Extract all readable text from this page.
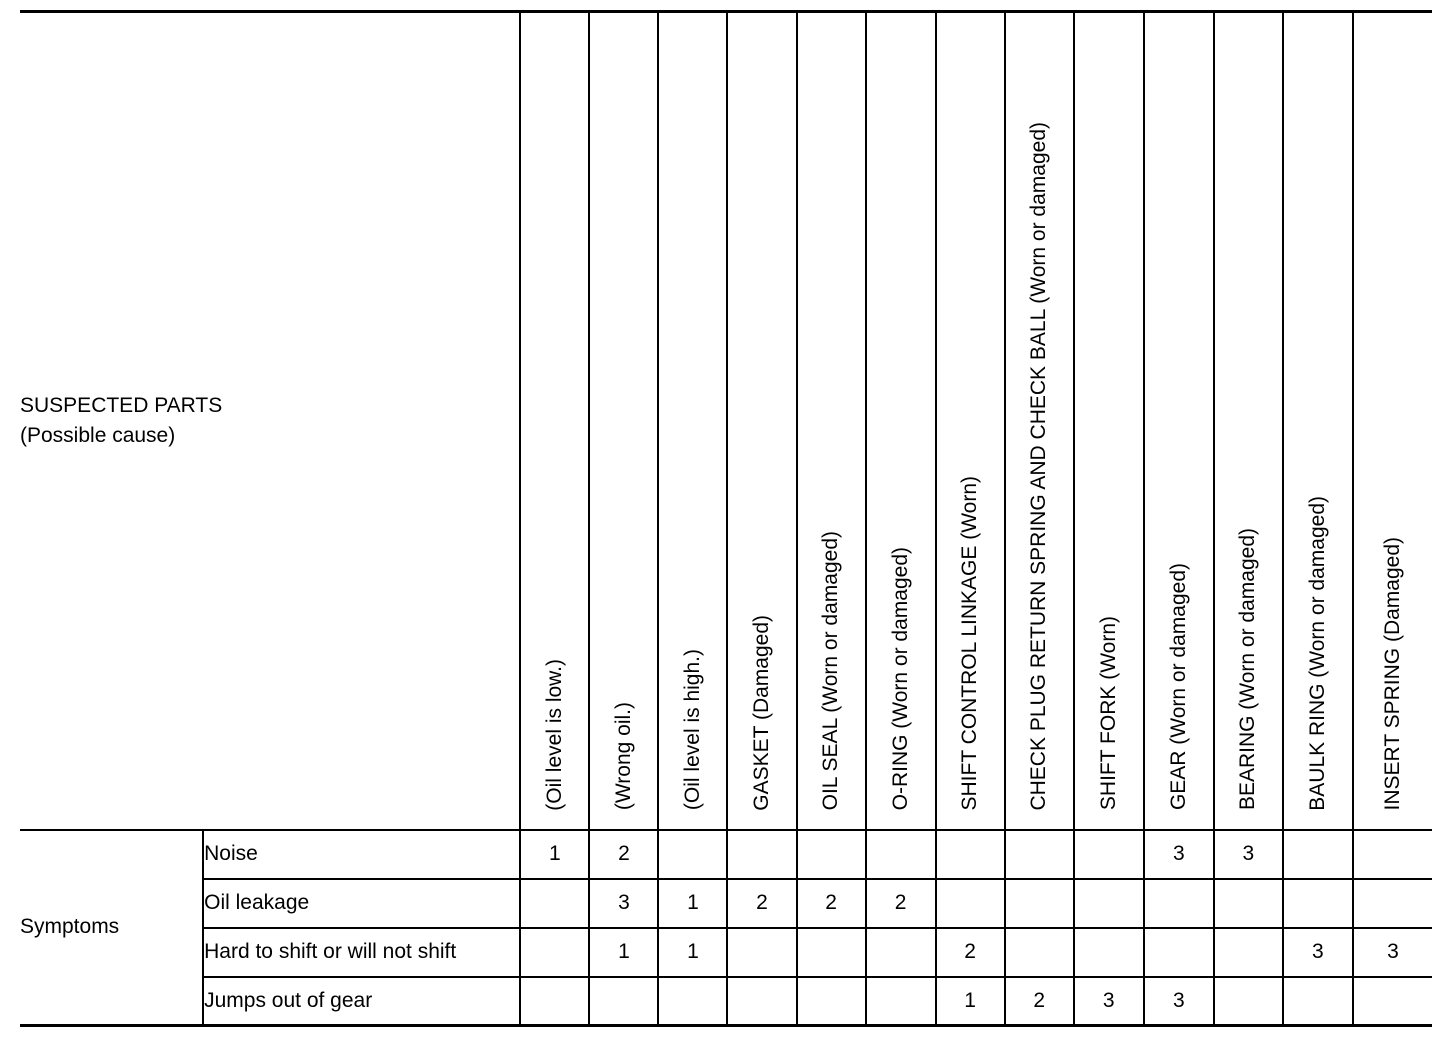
SUSPECTED PARTS
(Possible cause)		(Oil level is low.)	(Wrong oil.)	(Oil level is high.)	GASKET (Damaged)	OIL SEAL (Worn or damaged)	O-RING (Worn or damaged)	SHIFT CONTROL LINKAGE (Worn)	CHECK PLUG RETURN SPRING AND CHECK BALL (Worn or damaged)	SHIFT FORK (Worn)	GEAR (Worn or damaged)	BEARING (Worn or damaged)	BAULK RING (Worn or damaged)	INSERT SPRING (Damaged)

Symptoms	Noise	1	2								3	3		
	Oil leakage		3	1	2	2	2							
	Hard to shift or will not shift		1	1				2					3	3
	Jumps out of gear							1	2	3	3			
